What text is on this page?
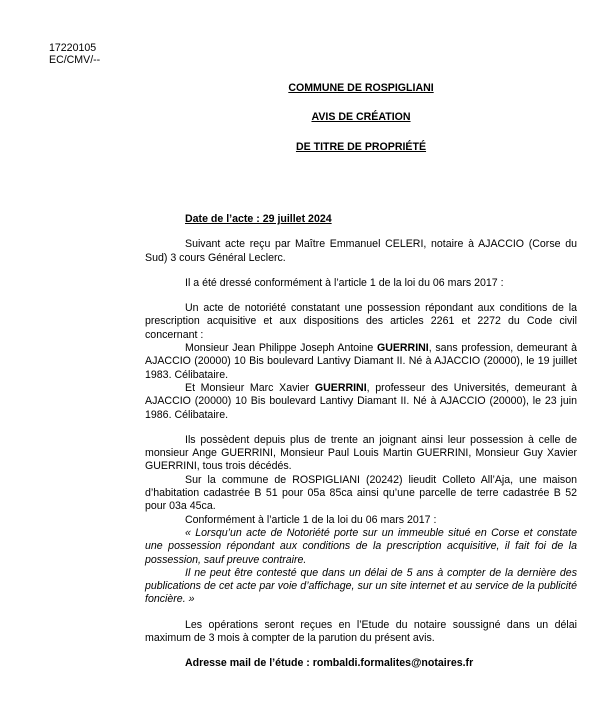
17220105
EC/CMV/--
COMMUNE DE ROSPIGLIANI
AVIS DE CRÉATION
DE TITRE DE PROPRIÉTÉ

Date de l’acte : 29 juillet 2024

Suivant acte reçu par Maître Emmanuel CELERI, notaire à AJACCIO (Corse du Sud) 3 cours Général Leclerc.

Il a été dressé conformément à l’article 1 de la loi du 06 mars 2017 :

Un acte de notoriété constatant une possession répondant aux conditions de la prescription acquisitive et aux dispositions des articles 2261 et 2272 du Code civil concernant :

Monsieur Jean Philippe Joseph Antoine GUERRINI, sans profession, demeurant à AJACCIO (20000) 10 Bis boulevard Lantivy Diamant II. Né à AJACCIO (20000), le 19 juillet 1983. Célibataire.

Et Monsieur Marc Xavier GUERRINI, professeur des Universités, demeurant à AJACCIO (20000) 10 Bis boulevard Lantivy Diamant II. Né à AJACCIO (20000), le 23 juin 1986. Célibataire.

Ils possèdent depuis plus de trente an joignant ainsi leur possession à celle de monsieur Ange GUERRINI, Monsieur Paul Louis Martin GUERRINI, Monsieur Guy Xavier GUERRINI, tous trois décédés.

Sur la commune de ROSPIGLIANI (20242) lieudit Colleto All’Aja, une maison d’habitation cadastrée B 51 pour 05a 85ca ainsi qu’une parcelle de terre cadastrée B 52 pour 03a 45ca.

Conformément à l’article 1 de la loi du 06 mars 2017 :

« Lorsqu’un acte de Notoriété porte sur un immeuble situé en Corse et constate une possession répondant aux conditions de la prescription acquisitive, il fait foi de la possession, sauf preuve contraire.

Il ne peut être contesté que dans un délai de 5 ans à compter de la dernière des publications de cet acte par voie d’affichage, sur un site internet et au service de la publicité foncière. »

Les opérations seront reçues en l’Etude du notaire soussigné dans un délai maximum de 3 mois à compter de la parution du présent avis.

Adresse mail de l’étude : rombaldi.formalites@notaires.fr
